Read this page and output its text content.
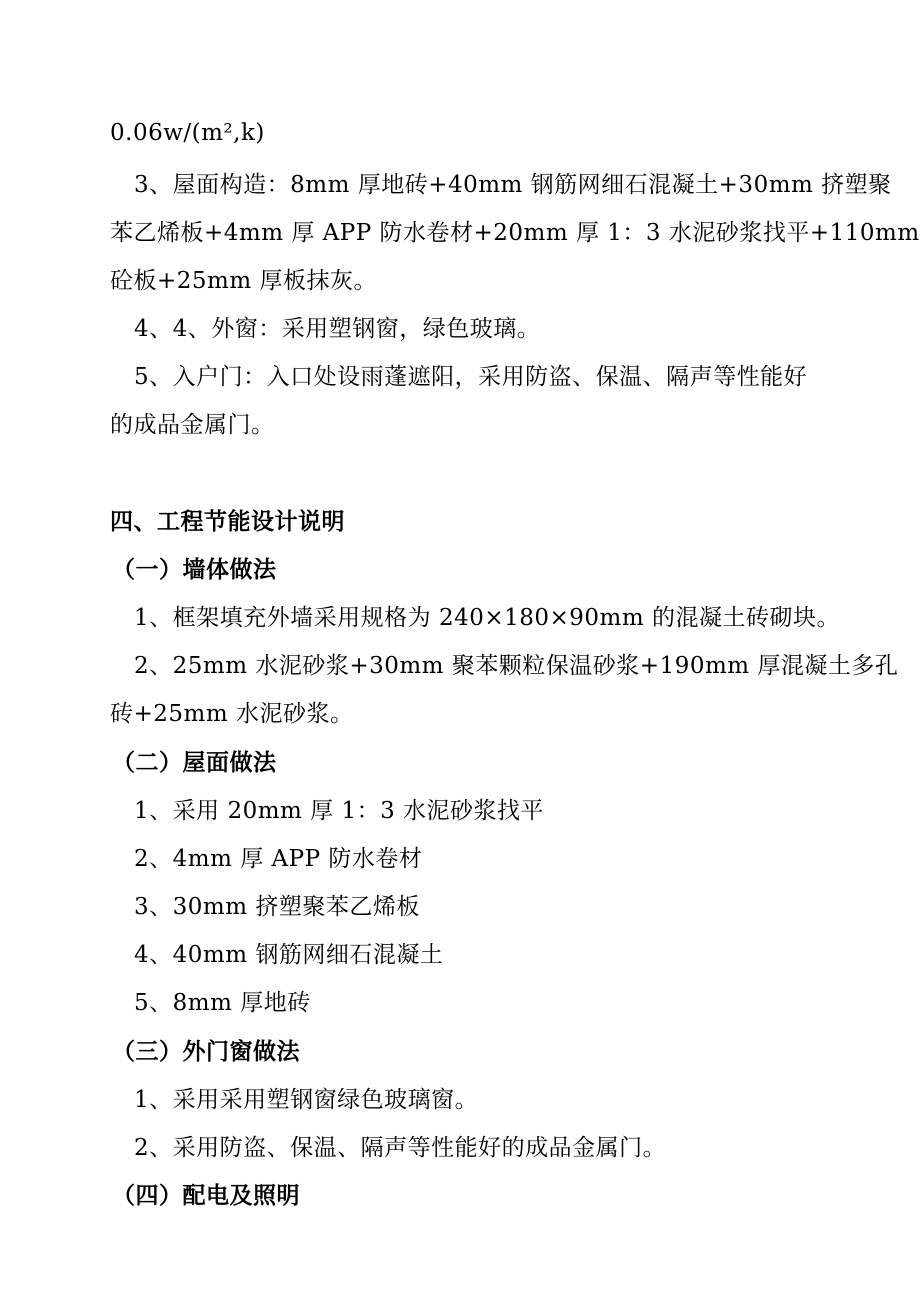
0.06w/(m²,k)
3、屋面构造：8mm 厚地砖+40mm 钢筋网细石混凝土+30mm 挤塑聚
苯乙烯板+4mm 厚 APP 防水卷材+20mm 厚 1：3 水泥砂浆找平+110mm
砼板+25mm 厚板抹灰。
4、4、外窗：采用塑钢窗，绿色玻璃。
5、入户门：入口处设雨蓬遮阳，采用防盗、保温、隔声等性能好
的成品金属门。
四、工程节能设计说明
（一）墙体做法
1、框架填充外墙采用规格为 240×180×90mm 的混凝土砖砌块。
2、25mm 水泥砂浆+30mm 聚苯颗粒保温砂浆+190mm 厚混凝土多孔
砖+25mm 水泥砂浆。
（二）屋面做法
1、采用 20mm 厚 1：3 水泥砂浆找平
2、4mm 厚 APP 防水卷材
3、30mm 挤塑聚苯乙烯板
4、40mm 钢筋网细石混凝土
5、8mm 厚地砖
（三）外门窗做法
1、采用采用塑钢窗绿色玻璃窗。
2、采用防盗、保温、隔声等性能好的成品金属门。
（四）配电及照明
